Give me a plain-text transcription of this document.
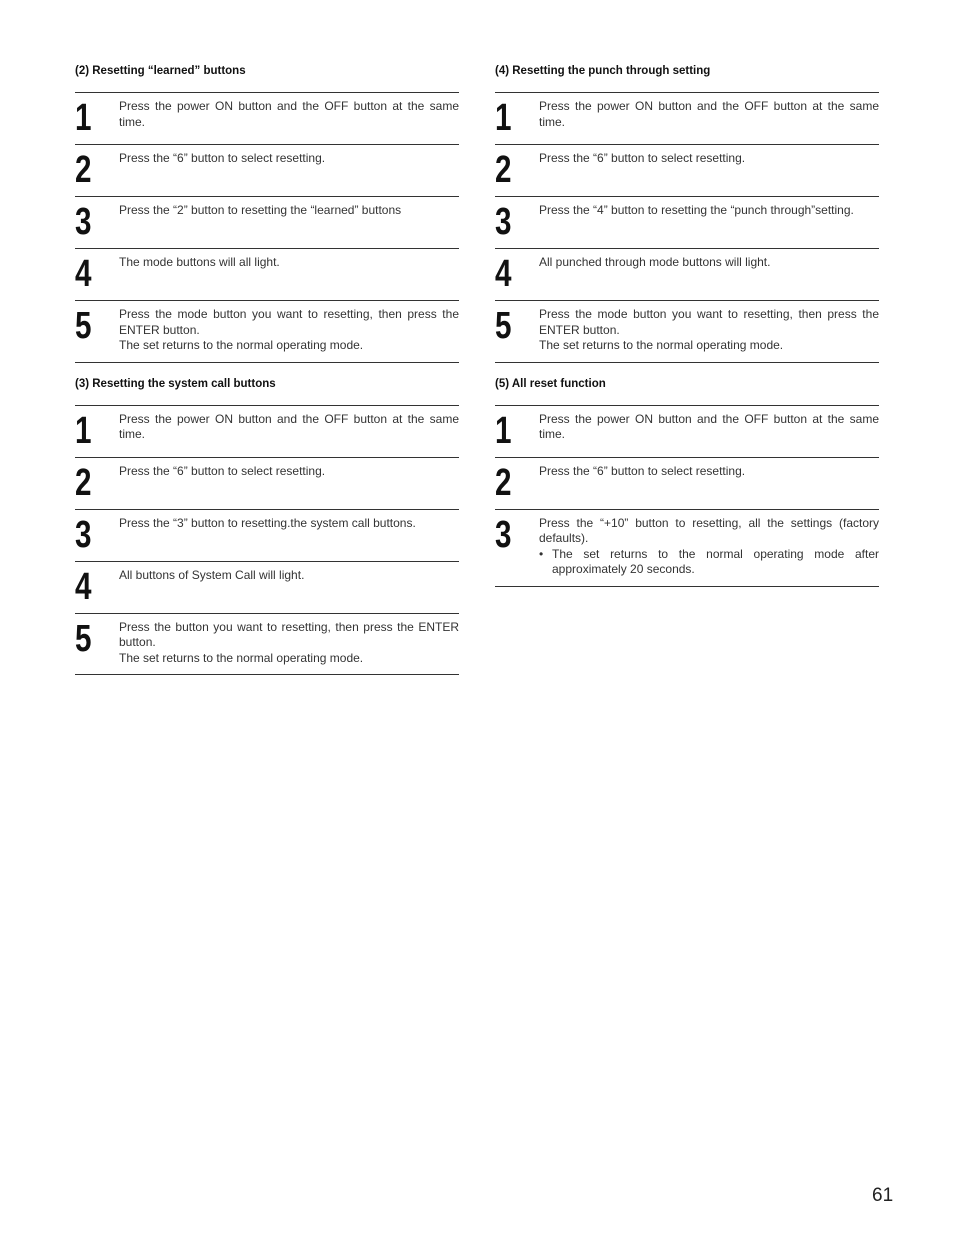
(2) Resetting “learned” buttons
1 Press the power ON button and the OFF button at the same time.

2 Press the “6” button to select resetting.

3 Press the “2” button to resetting the “learned” buttons

4 The mode buttons will all light.

5 Press the mode button you want to resetting, then press the ENTER button.

The set returns to the normal operating mode.

(3) Resetting the system call buttons
1 Press the power ON button and the OFF button at the same time.

2 Press the “6” button to select resetting.

3 Press the “3” button to resetting.the system call buttons.

4 All buttons of System Call will light.

5 Press the button you want to resetting, then press the ENTER button.

The set returns to the normal operating mode.

(4) Resetting the punch through setting
1 Press the power ON button and the OFF button at the same time.

2 Press the “6” button to select resetting.

3 Press the “4” button to resetting the “punch through”setting.

4 All punched through mode buttons will light.

5 Press the mode button you want to resetting, then press the ENTER button.

The set returns to the normal operating mode.

(5) All reset function
1 Press the power ON button and the OFF button at the same time.

2 Press the “6” button to select resetting.

3 Press the “+10” button to resetting, all the settings (factory defaults).

• The set returns to the normal operating mode after approximately 20 seconds.
61
